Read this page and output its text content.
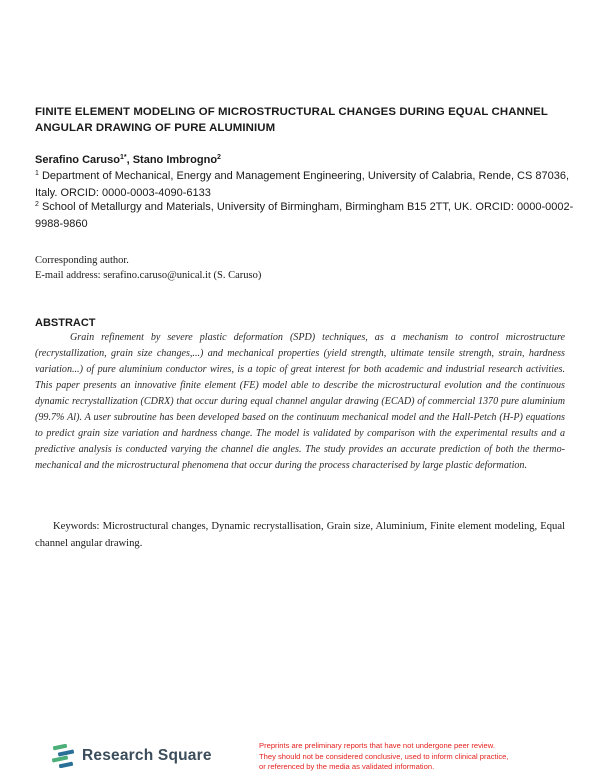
FINITE ELEMENT MODELING OF MICROSTRUCTURAL CHANGES DURING EQUAL CHANNEL ANGULAR DRAWING OF PURE ALUMINIUM
Serafino Caruso$^{1*}$, Stano Imbrogno$^2$
$^1$ Department of Mechanical, Energy and Management Engineering, University of Calabria, Rende, CS 87036, Italy. ORCID: 0000-0003-4090-6133
$^2$ School of Metallurgy and Materials, University of Birmingham, Birmingham B15 2TT, UK. ORCID: 0000-0002-9988-9860
Corresponding author.
E-mail address: serafino.caruso@unical.it (S. Caruso)
ABSTRACT

Grain refinement by severe plastic deformation (SPD) techniques, as a mechanism to control microstructure (recrystallization, grain size changes,...) and mechanical properties (yield strength, ultimate tensile strength, strain, hardness variation...) of pure aluminium conductor wires, is a topic of great interest for both academic and industrial research activities. This paper presents an innovative finite element (FE) model able to describe the microstructural evolution and the continuous dynamic recrystallization (CDRX) that occur during equal channel angular drawing (ECAD) of commercial 1370 pure aluminium (99.7% Al). A user subroutine has been developed based on the continuum mechanical model and the Hall-Petch (H-P) equations to predict grain size variation and hardness change. The model is validated by comparison with the experimental results and a predictive analysis is conducted varying the channel die angles. The study provides an accurate prediction of both the thermo-mechanical and the microstructural phenomena that occur during the process characterised by large plastic deformation.

Keywords: Microstructural changes, Dynamic recrystallisation, Grain size, Aluminium, Finite element modeling, Equal channel angular drawing.
Research Square
Preprints are preliminary reports that have not undergone peer review.
They should not be considered conclusive, used to inform clinical practice,
or referenced by the media as validated information.
